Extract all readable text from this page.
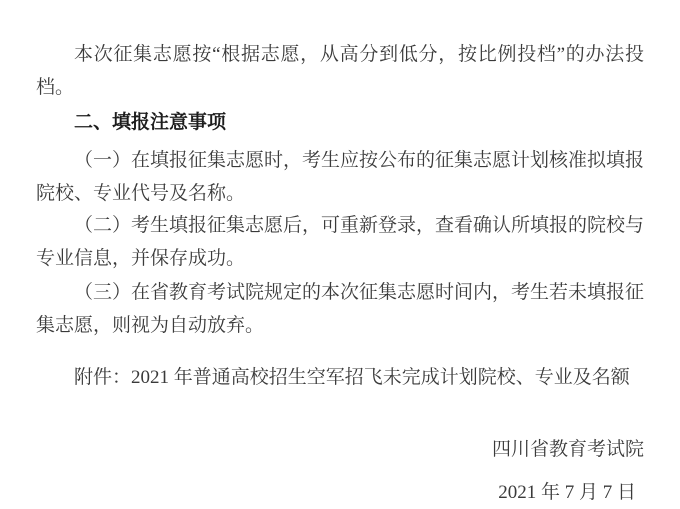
本次征集志愿按“根据志愿，从高分到低分，按比例投档”的办法投档。

二、填报注意事项

（一）在填报征集志愿时，考生应按公布的征集志愿计划核准拟填报院校、专业代号及名称。

（二）考生填报征集志愿后，可重新登录，查看确认所填报的院校与专业信息，并保存成功。

（三）在省教育考试院规定的本次征集志愿时间内，考生若未填报征集志愿，则视为自动放弃。

附件：2021 年普通高校招生空军招飞未完成计划院校、专业及名额

四川省教育考试院

2021 年 7 月 7 日
